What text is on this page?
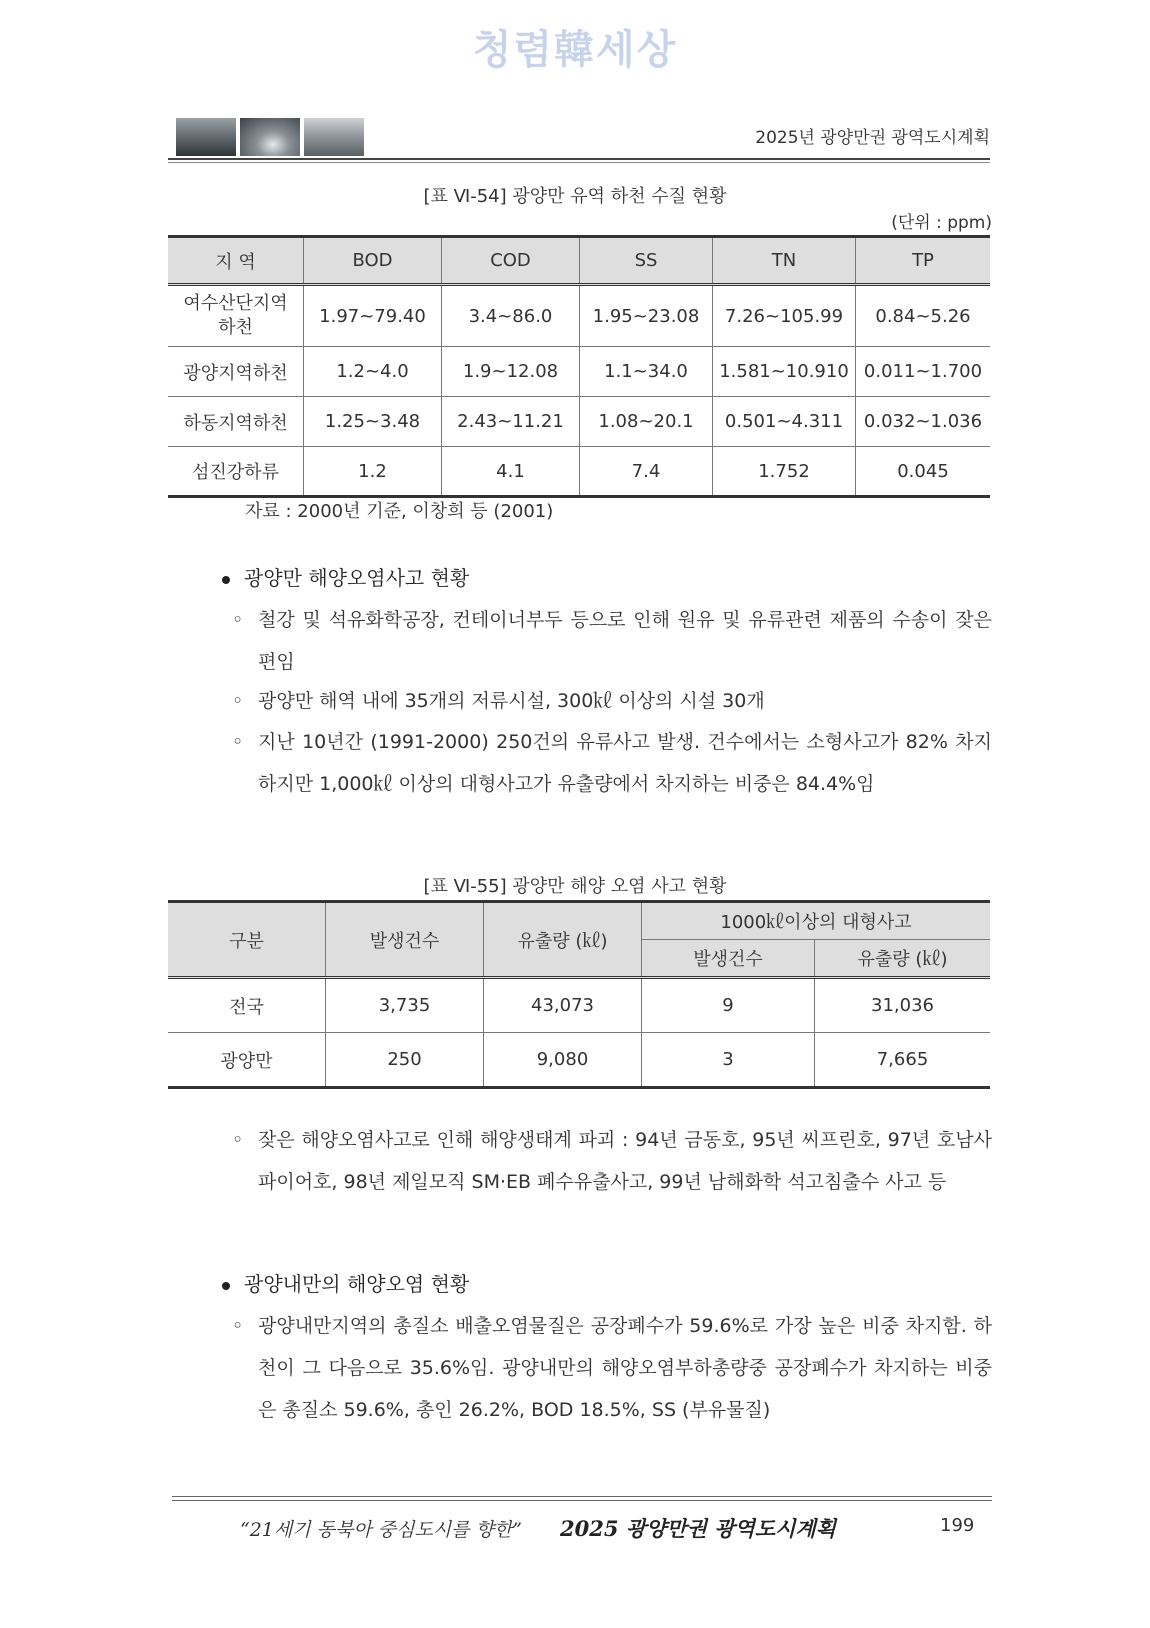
청렴韓세상
2025년 광양만권 광역도시계획
[표 Ⅵ-54] 광양만 유역 하천 수질 현황
(단위 : ppm)
지 역	BOD	COD	SS	TN	TP
여수산단지역
하천	1.97~79.40	3.4~86.0	1.95~23.08	7.26~105.99	0.84~5.26
광양지역하천	1.2~4.0	1.9~12.08	1.1~34.0	1.581~10.910	0.011~1.700
하동지역하천	1.25~3.48	2.43~11.21	1.08~20.1	0.501~4.311	0.032~1.036
섬진강하류	1.2	4.1	7.4	1.752	0.045
자료 : 2000년 기준, 이창희 등 (2001)
광양만 해양오염사고 현황
◦ 철강 및 석유화학공장, 컨테이너부두 등으로 인해 원유 및 유류관련 제품의 수송이 잦은 편임
◦ 광양만 해역 내에 35개의 저류시설, 300㎘ 이상의 시설 30개
◦ 지난 10년간 (1991-2000) 250건의 유류사고 발생. 건수에서는 소형사고가 82% 차지하지만 1,000㎘ 이상의 대형사고가 유출량에서 차지하는 비중은 84.4%임
[표 Ⅵ-55] 광양만 해양 오염 사고 현황
구분	발생건수	유출량 (㎘)	1000㎘이상의 대형사고	
			발생건수	유출량 (㎘)
전국	3,735	43,073	9	31,036
광양만	250	9,080	3	7,665
◦ 잦은 해양오염사고로 인해 해양생태계 파괴 : 94년 금동호, 95년 씨프린호, 97년 호남사파이어호, 98년 제일모직 SM·EB 폐수유출사고, 99년 남해화학 석고침출수 사고 등
광양내만의 해양오염 현황
◦ 광양내만지역의 총질소 배출오염물질은 공장폐수가 59.6%로 가장 높은 비중 차지함. 하천이 그 다음으로 35.6%임. 광양내만의 해양오염부하총량중 공장폐수가 차지하는 비중은 총질소 59.6%, 총인 26.2%, BOD 18.5%, SS (부유물질)
“21세기 동북아 중심도시를 향한” 2025 광양만권 광역도시계획	199
